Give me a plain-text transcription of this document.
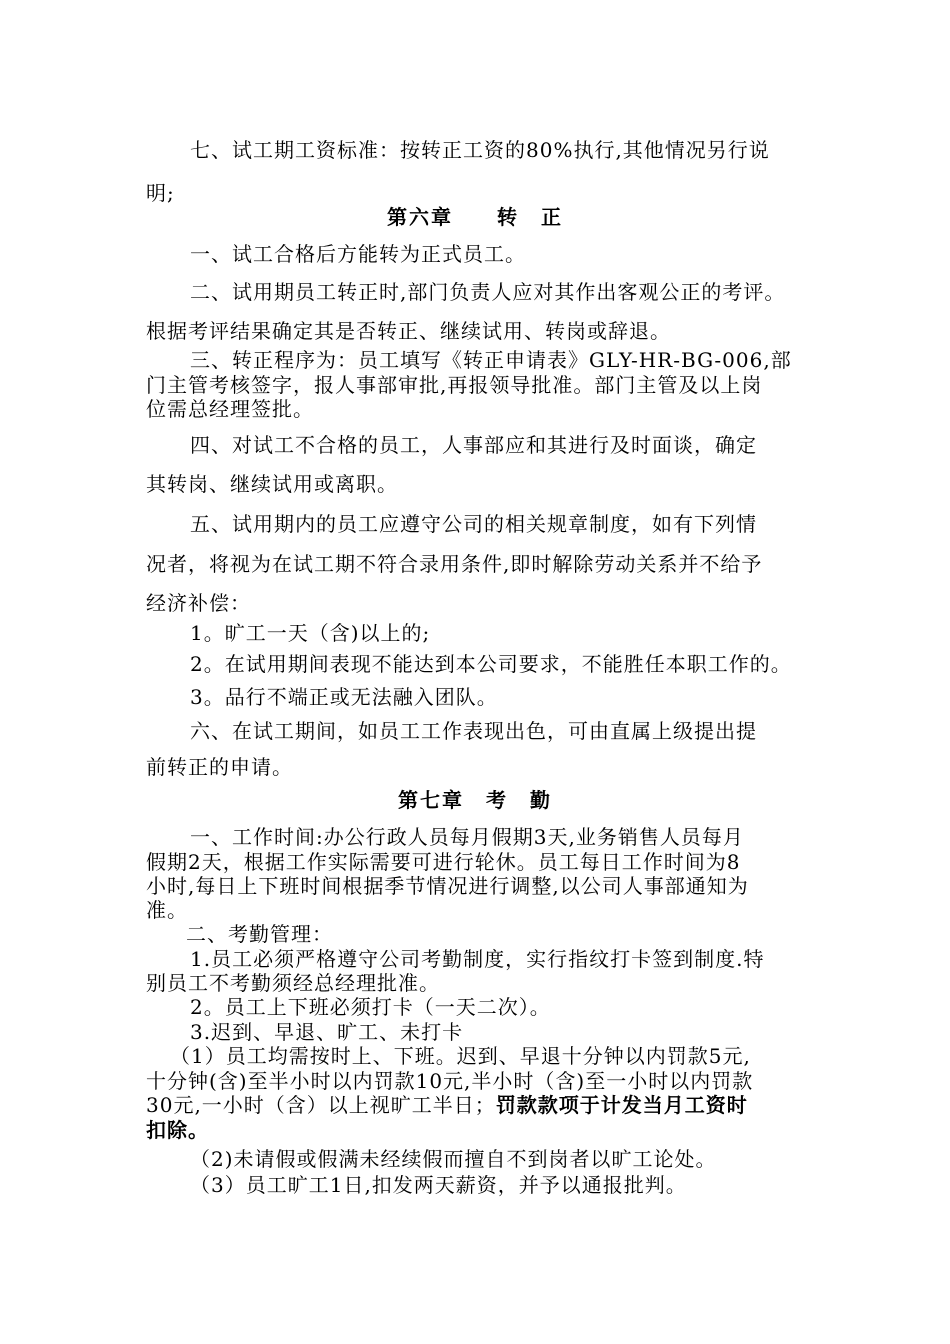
七、试工期工资标准：按转正工资的80%执行,其他情况另行说
明;
第六章　　转　正
一、试工合格后方能转为正式员工。
二、试用期员工转正时,部门负责人应对其作出客观公正的考评。
根据考评结果确定其是否转正、继续试用、转岗或辞退。
三、转正程序为：员工填写《转正申请表》GLY-HR-BG-006,部
门主管考核签字，报人事部审批,再报领导批准。部门主管及以上岗
位需总经理签批。
四、对试工不合格的员工，人事部应和其进行及时面谈，确定
其转岗、继续试用或离职。
五、试用期内的员工应遵守公司的相关规章制度，如有下列情
况者，将视为在试工期不符合录用条件,即时解除劳动关系并不给予
经济补偿：
1。旷工一天（含)以上的;
2。在试用期间表现不能达到本公司要求，不能胜任本职工作的。
3。品行不端正或无法融入团队。
六、在试工期间，如员工工作表现出色，可由直属上级提出提
前转正的申请。
第七章　考　勤
一、工作时间:办公行政人员每月假期3天,业务销售人员每月
假期2天，根据工作实际需要可进行轮休。员工每日工作时间为8
小时,每日上下班时间根据季节情况进行调整,以公司人事部通知为
准。
二、考勤管理：
1.员工必须严格遵守公司考勤制度，实行指纹打卡签到制度.特
别员工不考勤须经总经理批准。
2。员工上下班必须打卡（一天二次）。
3.迟到、早退、旷工、未打卡
（1）员工均需按时上、下班。迟到、早退十分钟以内罚款5元,
十分钟(含)至半小时以内罚款10元,半小时（含)至一小时以内罚款
30元,一小时（含）以上视旷工半日；罚款款项于计发当月工资时
扣除。
（2)未请假或假满未经续假而擅自不到岗者以旷工论处。
（3）员工旷工1日,扣发两天薪资，并予以通报批判。
